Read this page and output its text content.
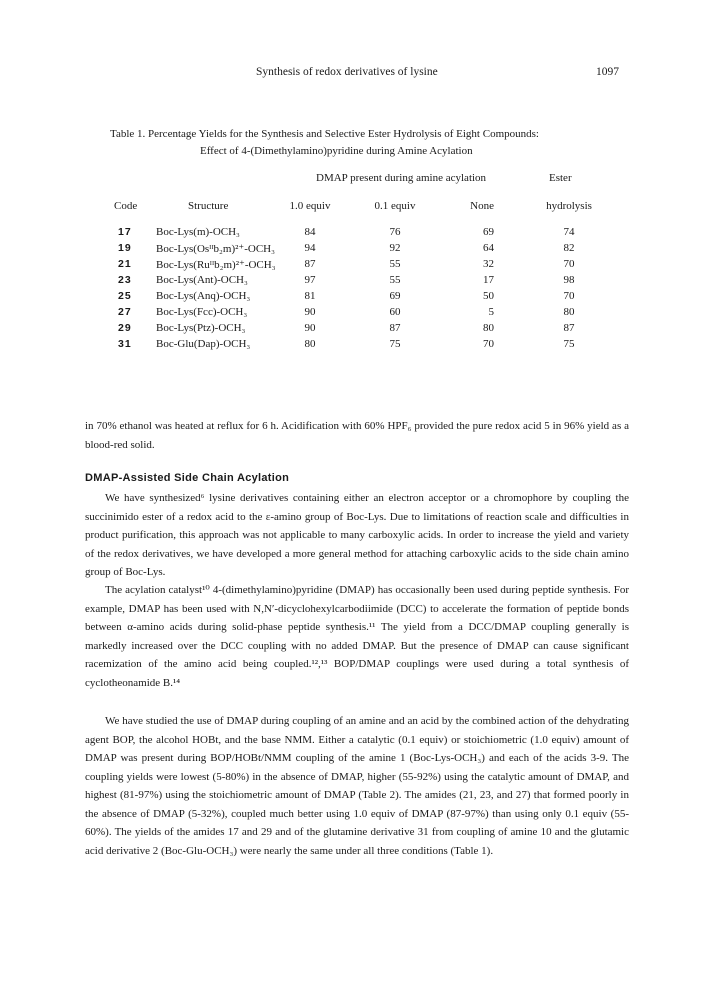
Synthesis of redox derivatives of lysine	1097
Table 1. Percentage Yields for the Synthesis and Selective Ester Hydrolysis of Eight Compounds:
Effect of 4-(Dimethylamino)pyridine during Amine Acylation
DMAP present during amine acylation	Ester
Code	Structure	1.0 equiv	0.1 equiv	None	hydrolysis
17 Boc-Lys(m)-OCH₃	84	76	69	74
19 Boc-Lys(Osᴵᴵb₂m)²⁺-OCH₃	94	92	64	82
21 Boc-Lys(Ruᴵᴵb₂m)²⁺-OCH₃	87	55	32	70
23 Boc-Lys(Ant)-OCH₃	97	55	17	98
25 Boc-Lys(Anq)-OCH₃	81	69	50	70
27 Boc-Lys(Fcc)-OCH₃	90	60	5	80
29 Boc-Lys(Ptz)-OCH₃	90	87	80	87
31 Boc-Glu(Dap)-OCH₃	80	75	70	75
in 70% ethanol was heated at reflux for 6 h. Acidification with 60% HPF₆ provided the pure redox acid 5 in 96% yield as a blood-red solid.
DMAP-Assisted Side Chain Acylation
We have synthesized⁶ lysine derivatives containing either an electron acceptor or a chromophore by coupling the succinimido ester of a redox acid to the ε-amino group of Boc-Lys. Due to limitations of reaction scale and difficulties in product purification, this approach was not applicable to many carboxylic acids. In order to increase the yield and variety of the redox derivatives, we have developed a more general method for attaching carboxylic acids to the side chain amino group of Boc-Lys.
The acylation catalyst¹⁰ 4-(dimethylamino)pyridine (DMAP) has occasionally been used during peptide synthesis. For example, DMAP has been used with N,N′-dicyclohexylcarbodiimide (DCC) to accelerate the formation of peptide bonds between α-amino acids during solid-phase peptide synthesis.¹¹ The yield from a DCC/DMAP coupling generally is markedly increased over the DCC coupling with no added DMAP. But the presence of DMAP can cause significant racemization of the amino acid being coupled.¹²,¹³ BOP/DMAP couplings were used during a total synthesis of cyclotheonamide B.¹⁴
We have studied the use of DMAP during coupling of an amine and an acid by the combined action of the dehydrating agent BOP, the alcohol HOBt, and the base NMM. Either a catalytic (0.1 equiv) or stoichiometric (1.0 equiv) amount of DMAP was present during BOP/HOBt/NMM coupling of the amine 1 (Boc-Lys-OCH₃) and each of the acids 3-9. The coupling yields were lowest (5-80%) in the absence of DMAP, higher (55-92%) using the catalytic amount of DMAP, and highest (81-97%) using the stoichiometric amount of DMAP (Table 2). The amides (21, 23, and 27) that formed poorly in the absence of DMAP (5-32%), coupled much better using 1.0 equiv of DMAP (87-97%) than using only 0.1 equiv (55-60%). The yields of the amides 17 and 29 and of the glutamine derivative 31 from coupling of amine 10 and the glutamic acid derivative 2 (Boc-Glu-OCH₃) were nearly the same under all three conditions (Table 1).
